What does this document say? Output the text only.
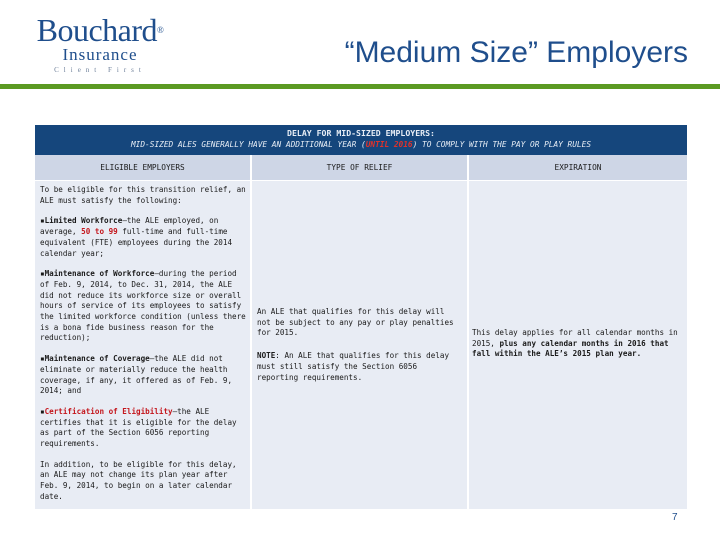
Bouchard®
Insurance
Client First
“Medium Size” Employers
DELAY FOR MID-SIZED EMPLOYERS:
MID-SIZED ALES GENERALLY HAVE AN ADDITIONAL YEAR (UNTIL 2016) TO COMPLY WITH THE PAY OR PLAY RULES
ELIGIBLE EMPLOYERS	TYPE OF RELIEF	EXPIRATION

To be eligible for this transition relief, an ALE must satisfy the following:

▪Limited Workforce—the ALE employed, on average, 50 to 99 full-time and full-time equivalent (FTE) employees during the 2014 calendar year;

▪Maintenance of Workforce—during the period of Feb. 9, 2014, to Dec. 31, 2014, the ALE did not reduce its workforce size or overall hours of service of its employees to satisfy the limited workforce condition (unless there is a bona fide business reason for the reduction);

▪Maintenance of Coverage—the ALE did not eliminate or materially reduce the health coverage, if any, it offered as of Feb. 9, 2014; and

▪Certification of Eligibility—the ALE certifies that it is eligible for the delay as part of the Section 6056 reporting requirements.

In addition, to be eligible for this delay, an ALE may not change its plan year after Feb. 9, 2014, to begin on a later calendar date.

An ALE that qualifies for this delay will not be subject to any pay or play penalties for 2015.

NOTE: An ALE that qualifies for this delay must still satisfy the Section 6056 reporting requirements.

This delay applies for all calendar months in 2015, plus any calendar months in 2016 that fall within the ALE’s 2015 plan year.
7
